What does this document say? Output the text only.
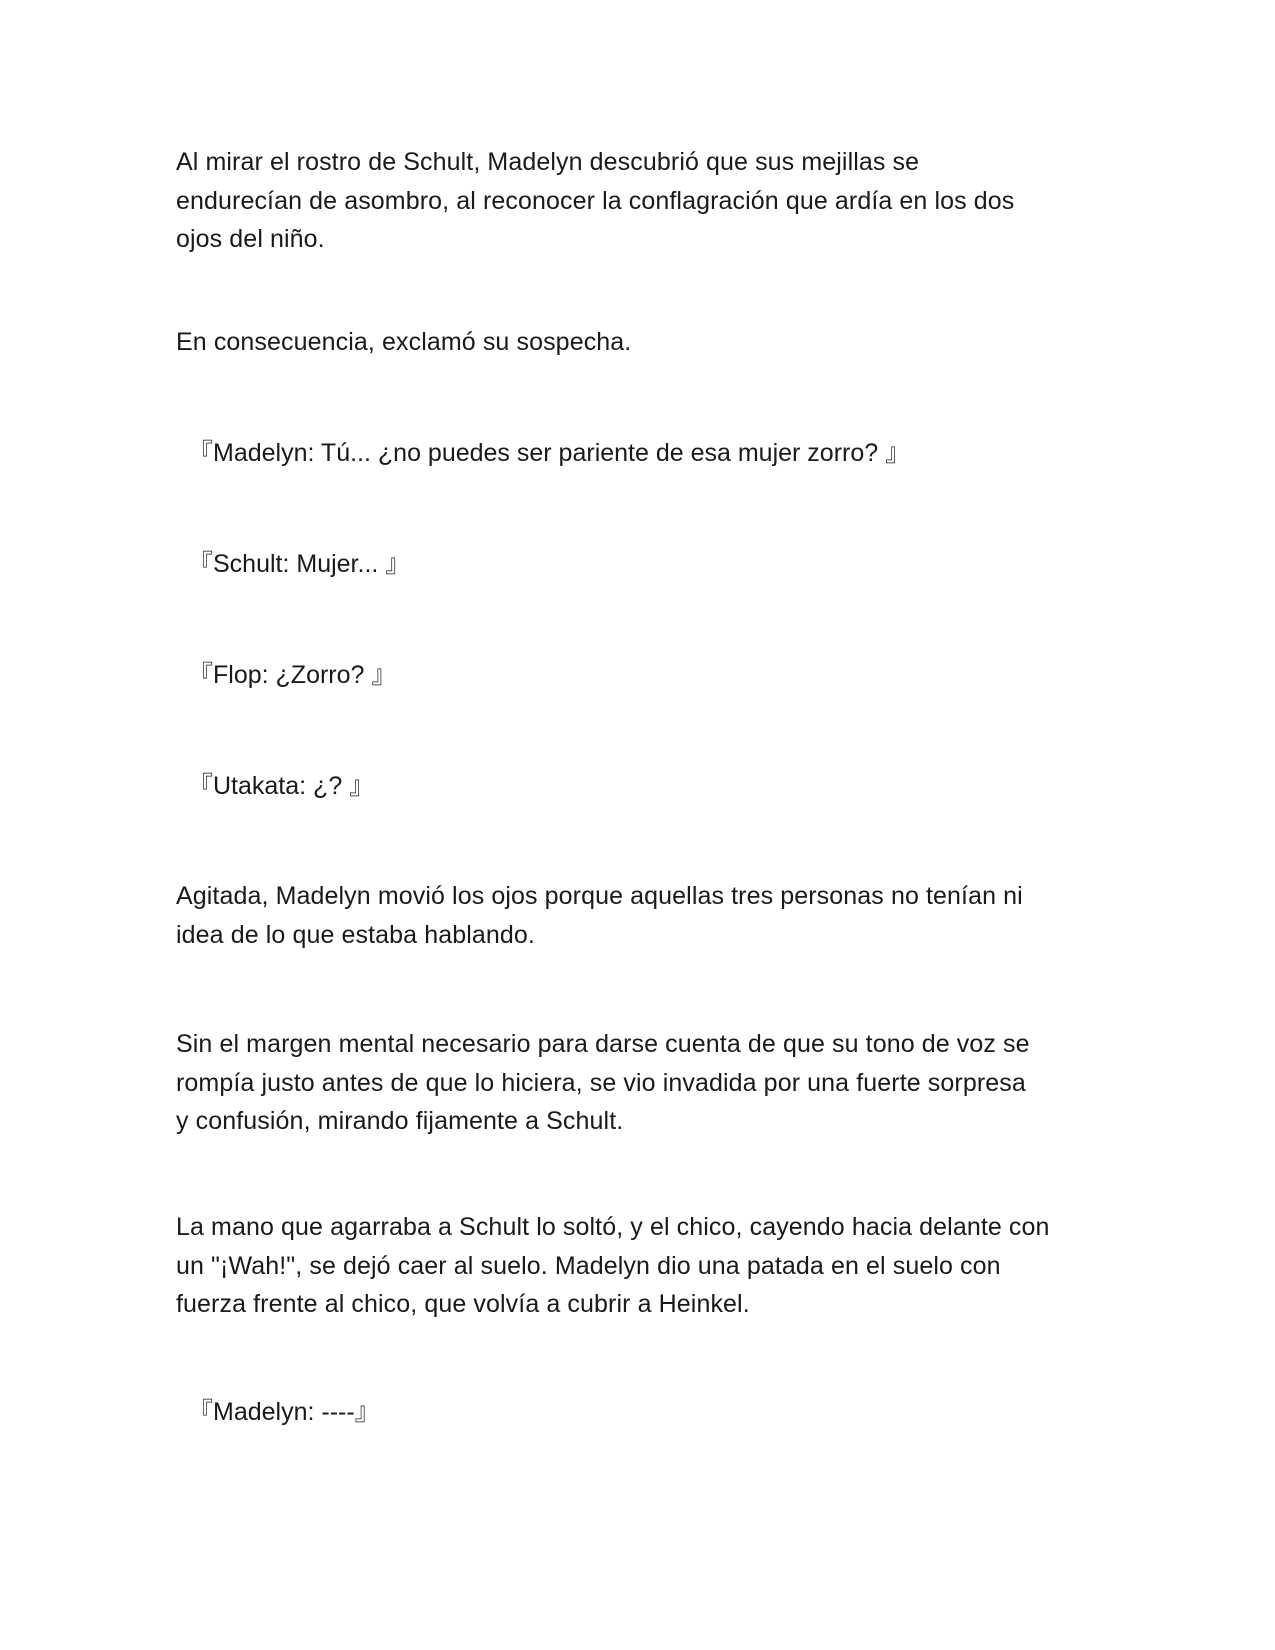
Al mirar el rostro de Schult, Madelyn descubrió que sus mejillas se
endurecían de asombro, al reconocer la conflagración que ardía en los dos
ojos del niño.

En consecuencia, exclamó su sospecha.

『Madelyn: Tú... ¿no puedes ser pariente de esa mujer zorro? 』

『Schult: Mujer... 』

『Flop: ¿Zorro? 』

『Utakata: ¿? 』

Agitada, Madelyn movió los ojos porque aquellas tres personas no tenían ni
idea de lo que estaba hablando.

Sin el margen mental necesario para darse cuenta de que su tono de voz se
rompía justo antes de que lo hiciera, se vio invadida por una fuerte sorpresa
y confusión, mirando fijamente a Schult.

La mano que agarraba a Schult lo soltó, y el chico, cayendo hacia delante con
un "¡Wah!", se dejó caer al suelo. Madelyn dio una patada en el suelo con
fuerza frente al chico, que volvía a cubrir a Heinkel.

『Madelyn: ----』
